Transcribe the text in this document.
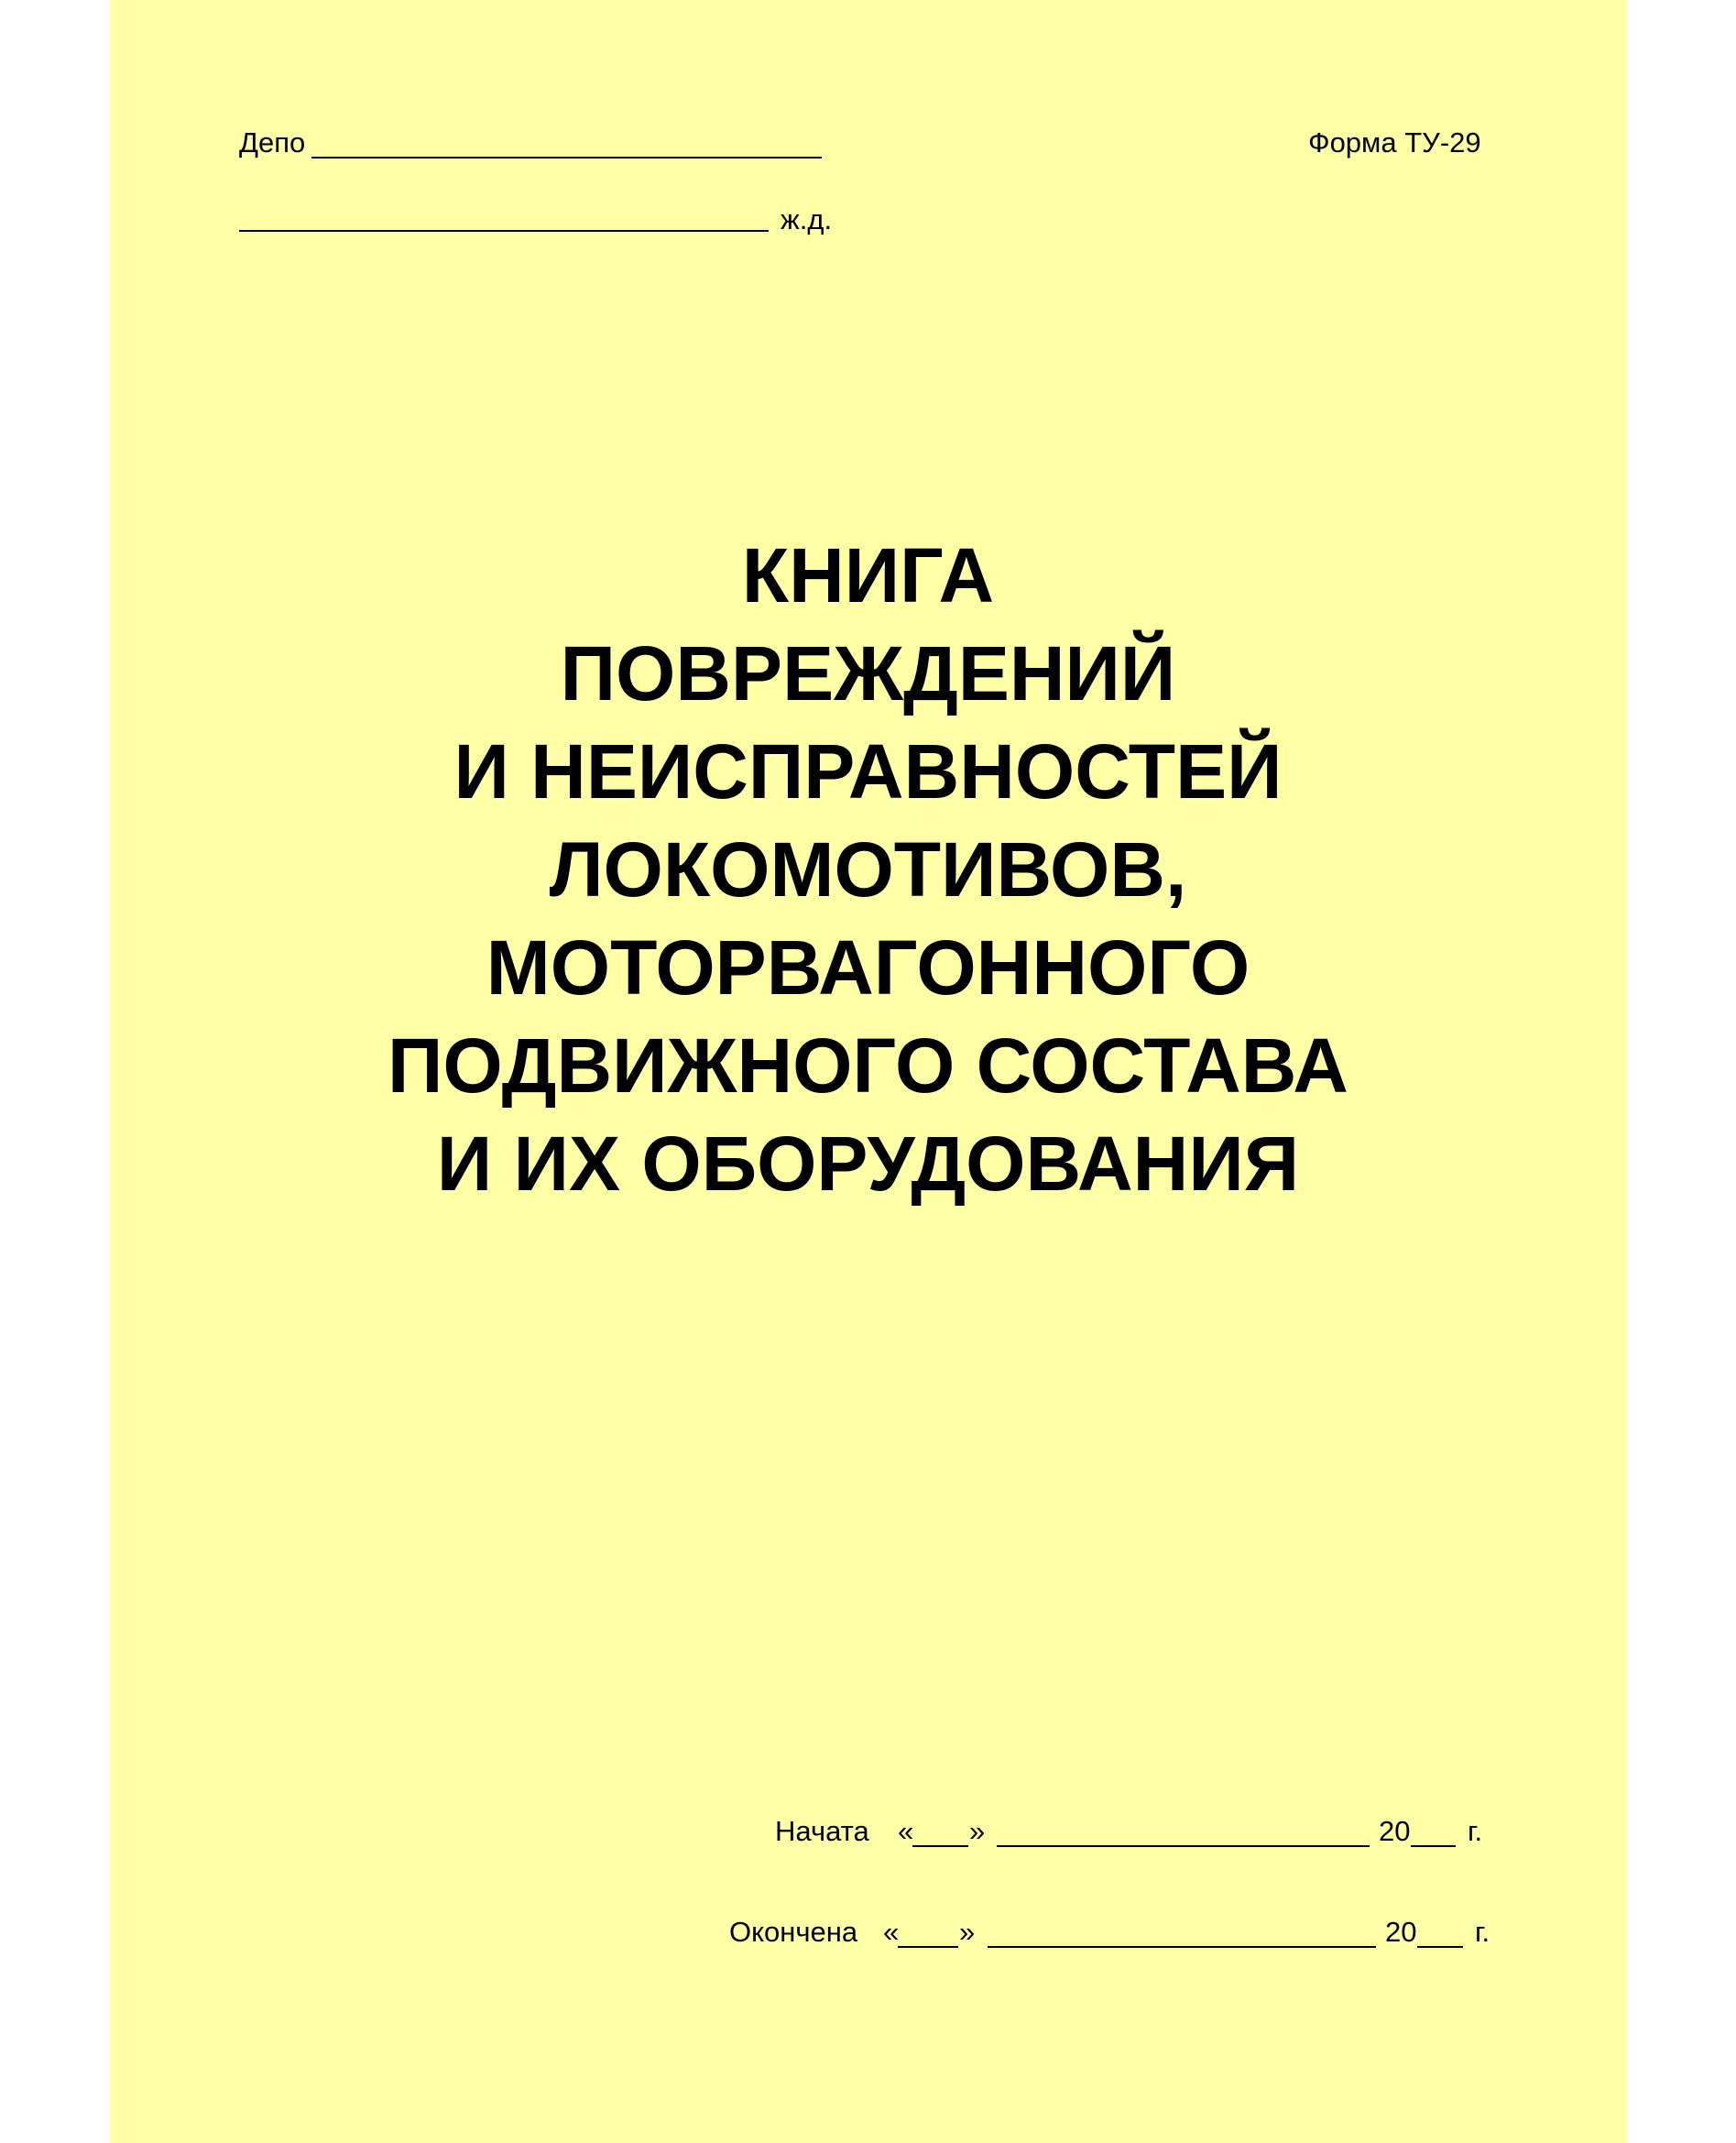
Депо	Форма ТУ-29
ж.д.
КНИГА
ПОВРЕЖДЕНИЙ
И НЕИСПРАВНОСТЕЙ
ЛОКОМОТИВОВ,
МОТОРВАГОННОГО
ПОДВИЖНОГО СОСТАВА
И ИХ ОБОРУДОВАНИЯ
Начата « »	20 г.
Окончена « »	20 г.
